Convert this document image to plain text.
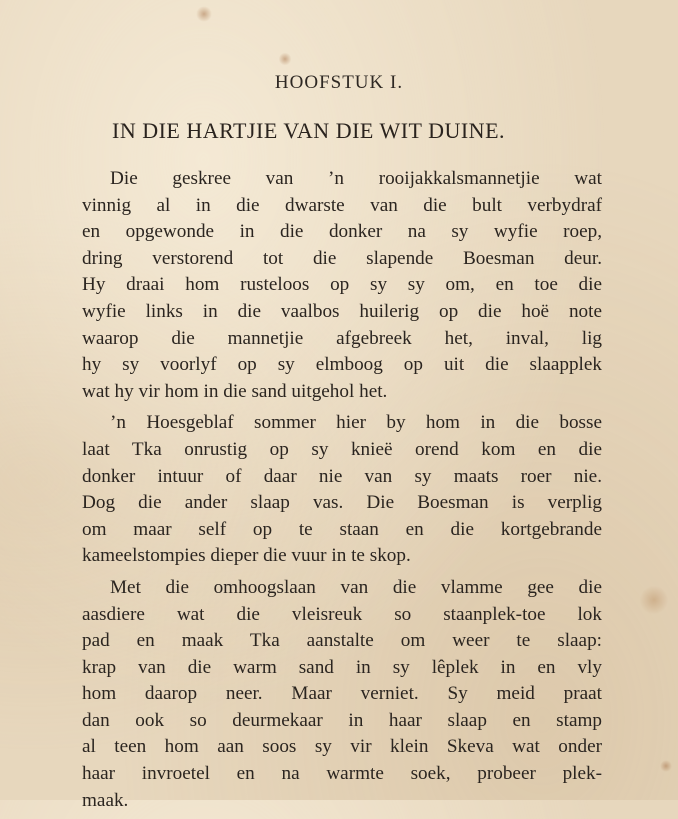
HOOFSTUK I.
IN DIE HARTJIE VAN DIE WIT DUINE.
Die geskree van ’n rooijakkalsmannetjie wat
vinnig al in die dwarste van die bult verbydraf
en opgewonde in die donker na sy wyfie roep,
dring verstorend tot die slapende Boesman deur.
Hy draai hom rusteloos op sy sy om, en toe die
wyfie links in die vaalbos huilerig op die hoë note
waarop die mannetjie afgebreek het, inval, lig
hy sy voorlyf op sy elmboog op uit die slaapplek
wat hy vir hom in die sand uitgehol het.
’n Hoesgeblaf sommer hier by hom in die bosse
laat Tka onrustig op sy knieë orend kom en die
donker intuur of daar nie van sy maats roer nie.
Dog die ander slaap vas. Die Boesman is verplig
om maar self op te staan en die kortgebrande
kameelstompies dieper die vuur in te skop.
Met die omhoogslaan van die vlamme gee die
aasdiere wat die vleisreuk so staanplek-toe lok
pad en maak Tka aanstalte om weer te slaap:
krap van die warm sand in sy lêplek in en vly
hom daarop neer. Maar verniet. Sy meid praat
dan ook so deurmekaar in haar slaap en stamp
al teen hom aan soos sy vir klein Skeva wat onder
haar invroetel en na warmte soek, probeer plek-
maak.
